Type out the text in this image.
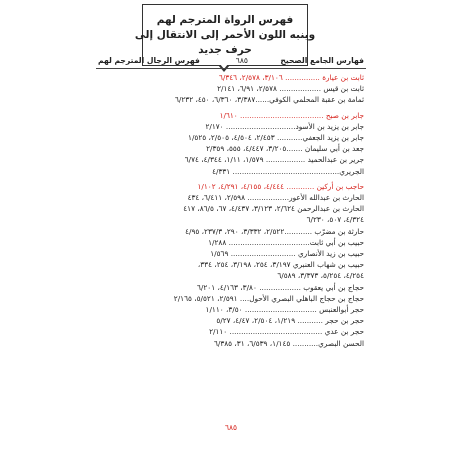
فهرس الرواة المترجم لهم
وينبه اللون الأحمر إلى الانتقال إلى
حرف جديد
فهارس الجامع الصحيح
٦٨٥
فهرس الرجال المترجم لهم
ثابت بن عيارة ............... ٣/١٠٦، ٢/٥٧٨، ٦/٣٤٦
ثابت بن قيس .................. ٢/٥٧٨، ٦/٩١، ٢/١٤١
ثمامة بن عقبة المحلمي الكوفي......٣/٣٨٧، ٦/٣٦٠، ٤٥٠، ٦/٢٣٢
جابر بن صبح .................................... ١/٦١٠
جابر بن يزيد بن الأسود.............................. ٢/١٧٠
جابر بن يزيد الجعفي........... ٢/٤٥٣، ٤/٥٠٤، ٢/٥٠٥، ١/٥٢٥
جعد بن أبي سليمان .......٣/٢٠٥، ٤/٤٤٧، ٥٥٥، ٢/٣٥٩
جرير بن عبدالحميد ................. ١/٥٧٩، ١/١١، ٤/٣٤٤، ٦/٧٤
الجريري.............................................. ٤/٣٣١
حاجب بن أركين ............ ٤/٤٤٤، ٤/١٥٥، ٤/٢٩١، ١/١٠٢
الحارث بن عبدالله الأعور.................. ٢/٥٩٨، ٦/٤١١، ٤٣٤
الحارث بن عبدالرحمن ٢/٦٢٤، ٣/١٢٣، ٤/٤٣٧، ٦٧، ٨٦/٥، ٤١٧
٤/٣٢٤، ٥٠٧، ٦/٢٣٠
حارثة بن مضرّب ............٢/٥٢٢، ٣/٣٣٢، ٢٩٠، ٢٣٧/٣، ٤/٩٥
حبيب بن أبي ثابت................................... ١/٢٨٨
حبيب بن زيد الأنصاري ............................ ١/٥٦٩
حبيب بن شهاب العنبري ٣/١٩٧، ٢٥٤، ٣/١٩٨، ٢٥٤، ٣٣٤،
٤/٢٥٤، ٥/٢٥٤، ٣/٣٧٣، ٦/٥٨٩
حجاج بن أبي يعقوب .................. ٣/٨٠، ٤/١٦٣، ٦/٢٠١
حجاج بن حجاج الباهلي البصري الأحول.... ٢/٥٩١، ٥/٥٢١، ٢/١٦٥
حجر أبوالعنبس ............................... ٣/٥٠، ١/١١٠
حجر بن حجر ........... ١/٢١٩، ٢/٥٠٤، ٤/٤٧، ٥/٢٧
حجر بن عدي ........................................ ٢/١١٠
الحسن البصري........... ١/١٤٥، ٦/٥٣٩، ٣١، ٦/٣٨٥
٦٨٥
